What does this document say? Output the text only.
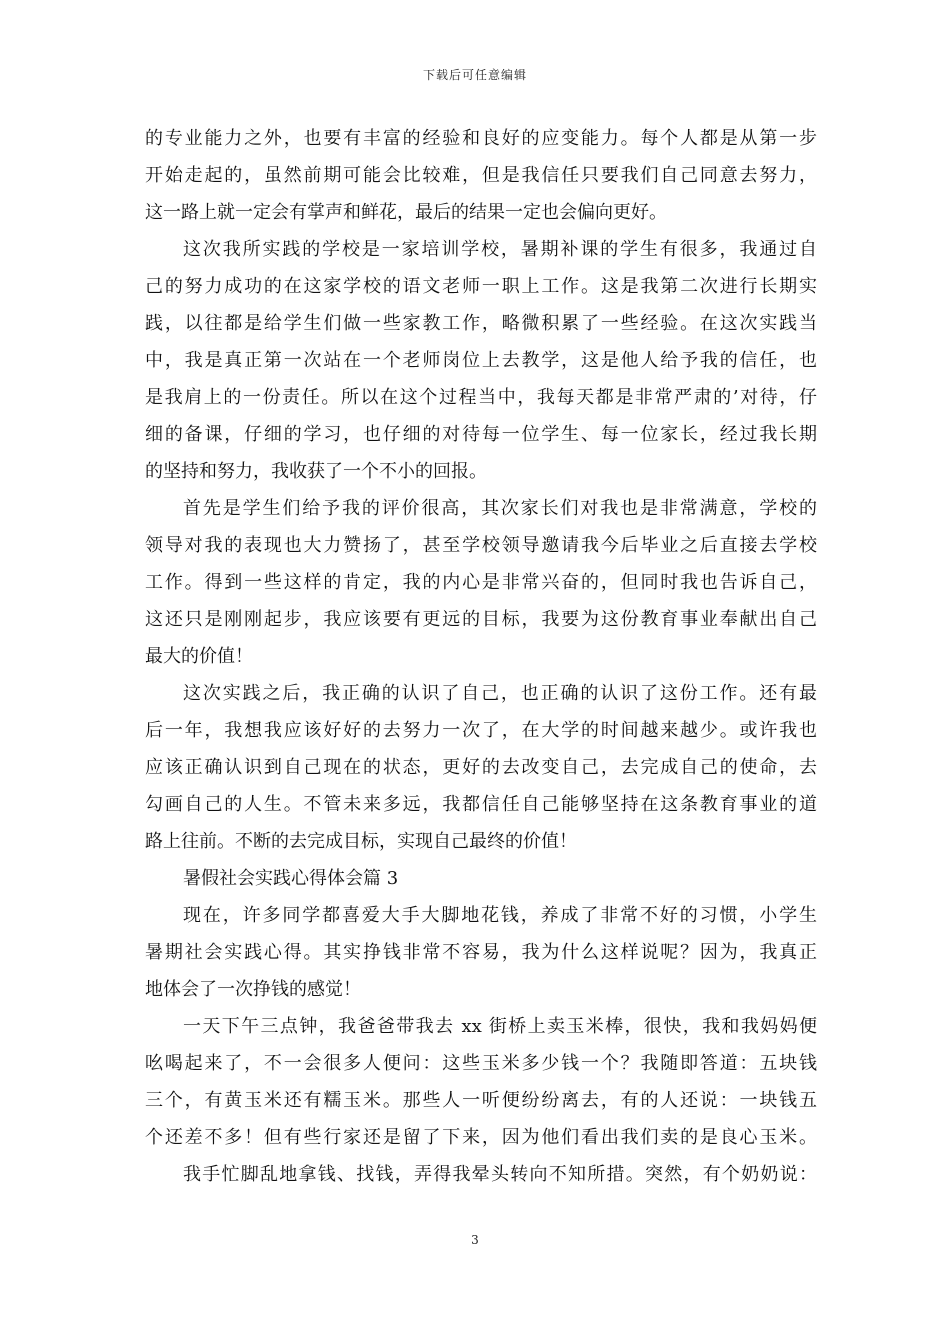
下载后可任意编辑
的专业能力之外，也要有丰富的经验和良好的应变能力。每个人都是从第一步
开始走起的，虽然前期可能会比较难，但是我信任只要我们自己同意去努力，
这一路上就一定会有掌声和鲜花，最后的结果一定也会偏向更好。
这次我所实践的学校是一家培训学校，暑期补课的学生有很多，我通过自
己的努力成功的在这家学校的语文老师一职上工作。这是我第二次进行长期实
践，以往都是给学生们做一些家教工作，略微积累了一些经验。在这次实践当
中，我是真正第一次站在一个老师岗位上去教学，这是他人给予我的信任，也
是我肩上的一份责任。所以在这个过程当中，我每天都是非常严肃的’对待，仔
细的备课，仔细的学习，也仔细的对待每一位学生、每一位家长，经过我长期
的坚持和努力，我收获了一个不小的回报。
首先是学生们给予我的评价很高，其次家长们对我也是非常满意，学校的
领导对我的表现也大力赞扬了，甚至学校领导邀请我今后毕业之后直接去学校
工作。得到一些这样的肯定，我的内心是非常兴奋的，但同时我也告诉自己，
这还只是刚刚起步，我应该要有更远的目标，我要为这份教育事业奉献出自己
最大的价值！
这次实践之后，我正确的认识了自己，也正确的认识了这份工作。还有最
后一年，我想我应该好好的去努力一次了，在大学的时间越来越少。或许我也
应该正确认识到自己现在的状态，更好的去改变自己，去完成自己的使命，去
勾画自己的人生。不管未来多远，我都信任自己能够坚持在这条教育事业的道
路上往前。不断的去完成目标，实现自己最终的价值！
暑假社会实践心得体会篇 3
现在，许多同学都喜爱大手大脚地花钱，养成了非常不好的习惯，小学生
暑期社会实践心得。其实挣钱非常不容易，我为什么这样说呢？因为，我真正
地体会了一次挣钱的感觉！
一天下午三点钟，我爸爸带我去 xx 街桥上卖玉米棒，很快，我和我妈妈便
吆喝起来了，不一会很多人便问：这些玉米多少钱一个？我随即答道：五块钱
三个，有黄玉米还有糯玉米。那些人一听便纷纷离去，有的人还说：一块钱五
个还差不多！但有些行家还是留了下来，因为他们看出我们卖的是良心玉米。
我手忙脚乱地拿钱、找钱，弄得我晕头转向不知所措。突然，有个奶奶说：
3
